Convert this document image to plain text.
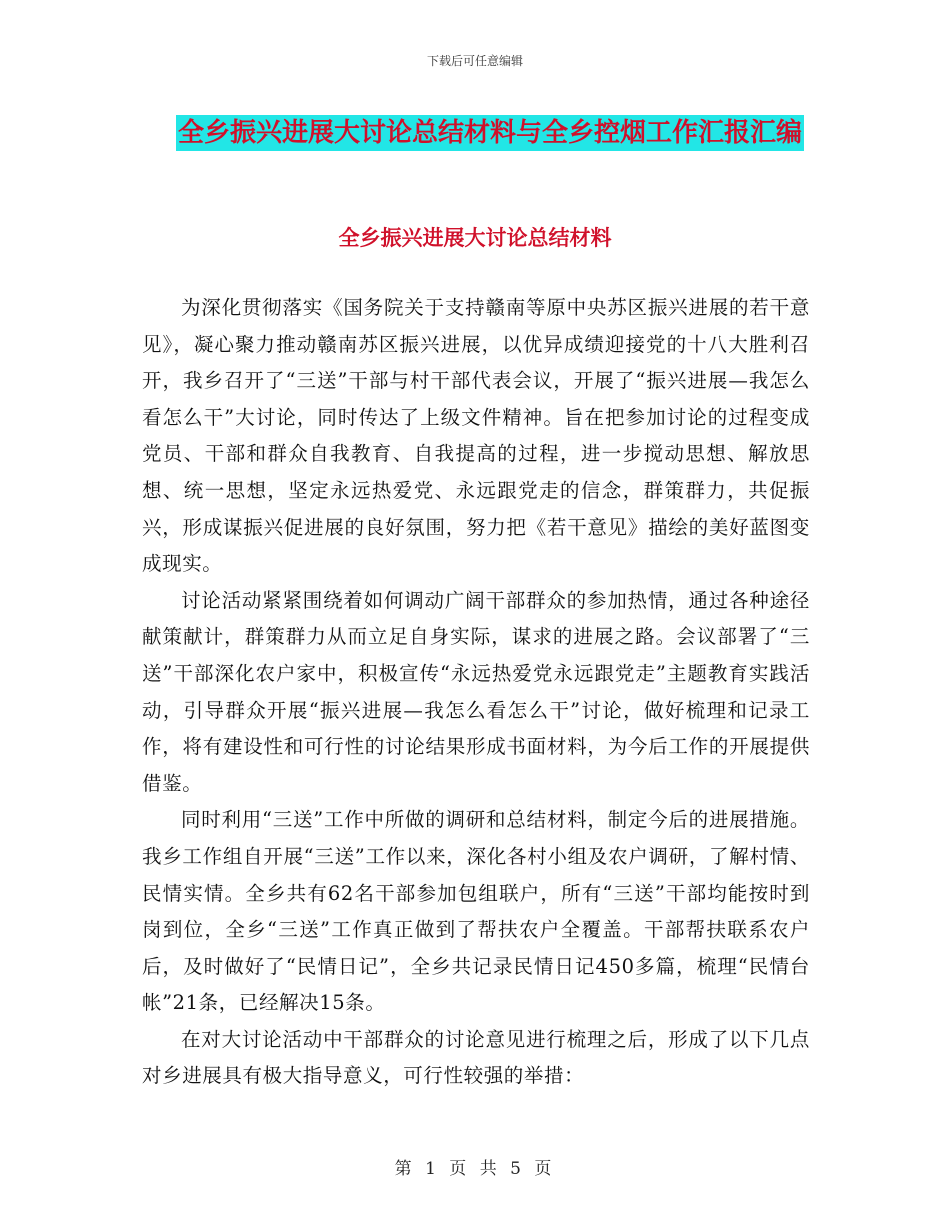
下载后可任意编辑
全乡振兴进展大讨论总结材料与全乡控烟工作汇报汇编
全乡振兴进展大讨论总结材料

为深化贯彻落实《国务院关于支持赣南等原中央苏区振兴进展的若干意见》，凝心聚力推动赣南苏区振兴进展，以优异成绩迎接党的十八大胜利召开，我乡召开了“三送”干部与村干部代表会议，开展了“振兴进展—我怎么看怎么干”大讨论，同时传达了上级文件精神。旨在把参加讨论的过程变成党员、干部和群众自我教育、自我提高的过程，进一步搅动思想、解放思想、统一思想，坚定永远热爱党、永远跟党走的信念，群策群力，共促振兴，形成谋振兴促进展的良好氛围，努力把《若干意见》描绘的美好蓝图变成现实。

讨论活动紧紧围绕着如何调动广阔干部群众的参加热情，通过各种途径献策献计，群策群力从而立足自身实际，谋求的进展之路。会议部署了“三送”干部深化农户家中，积极宣传“永远热爱党永远跟党走”主题教育实践活动，引导群众开展“振兴进展—我怎么看怎么干”讨论，做好梳理和记录工作，将有建设性和可行性的讨论结果形成书面材料，为今后工作的开展提供借鉴。

同时利用“三送”工作中所做的调研和总结材料，制定今后的进展措施。我乡工作组自开展“三送”工作以来，深化各村小组及农户调研，了解村情、民情实情。全乡共有62名干部参加包组联户，所有“三送”干部均能按时到岗到位，全乡“三送”工作真正做到了帮扶农户全覆盖。干部帮扶联系农户后，及时做好了“民情日记”，全乡共记录民情日记450多篇，梳理“民情台帐”21条，已经解决15条。

在对大讨论活动中干部群众的讨论意见进行梳理之后，形成了以下几点对乡进展具有极大指导意义，可行性较强的举措：

第 1 页 共 5 页
